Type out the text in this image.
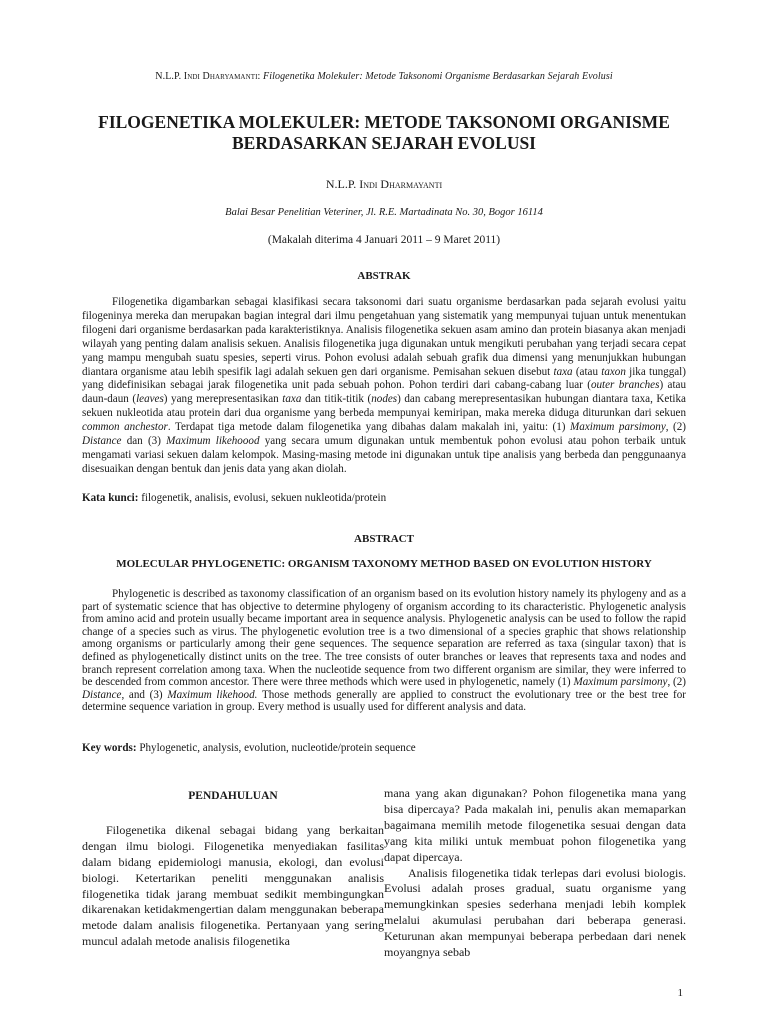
N.L.P. Indi Dharyamanti: Filogenetika Molekuler: Metode Taksonomi Organisme Berdasarkan Sejarah Evolusi
FILOGENETIKA MOLEKULER: METODE TAKSONOMI ORGANISME
BERDASARKAN SEJARAH EVOLUSI
N.L.P. Indi Dharmayanti
Balai Besar Penelitian Veteriner, Jl. R.E. Martadinata No. 30, Bogor 16114
(Makalah diterima 4 Januari 2011 – 9 Maret 2011)
ABSTRAK
Filogenetika digambarkan sebagai klasifikasi secara taksonomi dari suatu organisme berdasarkan pada sejarah evolusi yaitu filogeninya mereka dan merupakan bagian integral dari ilmu pengetahuan yang sistematik yang mempunyai tujuan untuk menentukan filogeni dari organisme berdasarkan pada karakteristiknya. Analisis filogenetika sekuen asam amino dan protein biasanya akan menjadi wilayah yang penting dalam analisis sekuen. Analisis filogenetika juga digunakan untuk mengikuti perubahan yang terjadi secara cepat yang mampu mengubah suatu spesies, seperti virus. Pohon evolusi adalah sebuah grafik dua dimensi yang menunjukkan hubungan diantara organisme atau lebih spesifik lagi adalah sekuen gen dari organisme. Pemisahan sekuen disebut taxa (atau taxon jika tunggal) yang didefinisikan sebagai jarak filogenetika unit pada sebuah pohon. Pohon terdiri dari cabang-cabang luar (outer branches) atau daun-daun (leaves) yang merepresentasikan taxa dan titik-titik (nodes) dan cabang merepresentasikan hubungan diantara taxa, Ketika sekuen nukleotida atau protein dari dua organisme yang berbeda mempunyai kemiripan, maka mereka diduga diturunkan dari sekuen common anchestor. Terdapat tiga metode dalam filogenetika yang dibahas dalam makalah ini, yaitu: (1) Maximum parsimony, (2) Distance dan (3) Maximum likehoood yang secara umum digunakan untuk membentuk pohon evolusi atau pohon terbaik untuk mengamati variasi sekuen dalam kelompok. Masing-masing metode ini digunakan untuk tipe analisis yang berbeda dan penggunaanya disesuaikan dengan bentuk dan jenis data yang akan diolah.
Kata kunci: filogenetik, analisis, evolusi, sekuen nukleotida/protein
ABSTRACT
MOLECULAR PHYLOGENETIC: ORGANISM TAXONOMY METHOD BASED ON EVOLUTION HISTORY
Phylogenetic is described as taxonomy classification of an organism based on its evolution history namely its phylogeny and as a part of systematic science that has objective to determine phylogeny of organism according to its characteristic. Phylogenetic analysis from amino acid and protein usually became important area in sequence analysis. Phylogenetic analysis can be used to follow the rapid change of a species such as virus. The phylogenetic evolution tree is a two dimensional of a species graphic that shows relationship among organisms or particularly among their gene sequences. The sequence separation are referred as taxa (singular taxon) that is defined as phylogenetically distinct units on the tree. The tree consists of outer branches or leaves that represents taxa and nodes and branch represent correlation among taxa. When the nucleotide sequence from two different organism are similar, they were inferred to be descended from common ancestor. There were three methods which were used in phylogenetic, namely (1) Maximum parsimony, (2) Distance, and (3) Maximum likehood. Those methods generally are applied to construct the evolutionary tree or the best tree for determine sequence variation in group. Every method is usually used for different analysis and data.
Key words: Phylogenetic, analysis, evolution, nucleotide/protein sequence
PENDAHULUAN

Filogenetika dikenal sebagai bidang yang berkaitan dengan ilmu biologi. Filogenetika menyediakan fasilitas dalam bidang epidemiologi manusia, ekologi, dan evolusi biologi. Ketertarikan peneliti menggunakan analisis filogenetika tidak jarang membuat sedikit membingungkan dikarenakan ketidakmengertian dalam menggunakan beberapa metode dalam analisis filogenetika. Pertanyaan yang sering muncul adalah metode analisis filogenetika

mana yang akan digunakan? Pohon filogenetika mana yang bisa dipercaya? Pada makalah ini, penulis akan memaparkan bagaimana memilih metode filogenetika sesuai dengan data yang kita miliki untuk membuat pohon filogenetika yang dapat dipercaya.

Analisis filogenetika tidak terlepas dari evolusi biologis. Evolusi adalah proses gradual, suatu organisme yang memungkinkan spesies sederhana menjadi lebih komplek melalui akumulasi perubahan dari beberapa generasi. Keturunan akan mempunyai beberapa perbedaan dari nenek moyangnya sebab

1
